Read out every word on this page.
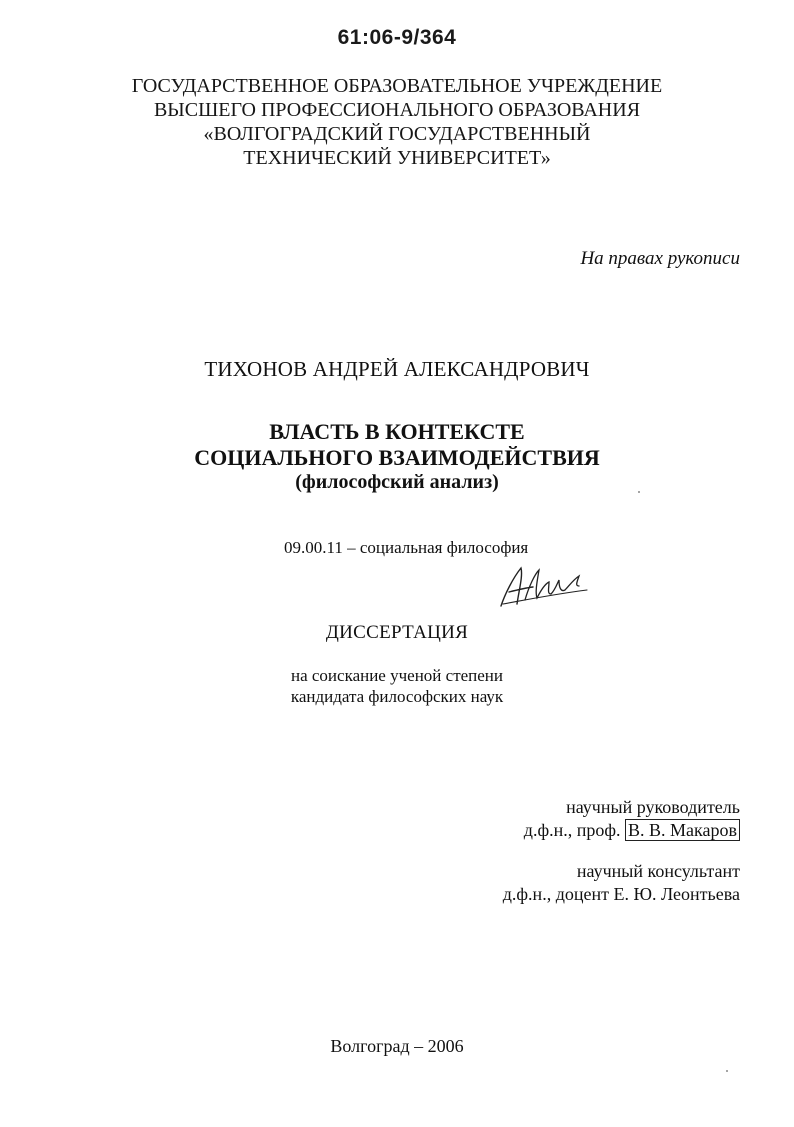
61:06-9/364
ГОСУДАРСТВЕННОЕ ОБРАЗОВАТЕЛЬНОЕ УЧРЕЖДЕНИЕ
ВЫСШЕГО ПРОФЕССИОНАЛЬНОГО ОБРАЗОВАНИЯ
«ВОЛГОГРАДСКИЙ ГОСУДАРСТВЕННЫЙ
ТЕХНИЧЕСКИЙ УНИВЕРСИТЕТ»
На правах рукописи
ТИХОНОВ АНДРЕЙ АЛЕКСАНДРОВИЧ
ВЛАСТЬ В КОНТЕКСТЕ
СОЦИАЛЬНОГО ВЗАИМОДЕЙСТВИЯ
(философский анализ)
09.00.11 – социальная философия
ДИССЕРТАЦИЯ
на соискание ученой степени
кандидата философских наук
научный руководитель
д.ф.н., проф. В. В. Макаров
научный консультант
д.ф.н., доцент Е. Ю. Леонтьева
Волгоград – 2006
